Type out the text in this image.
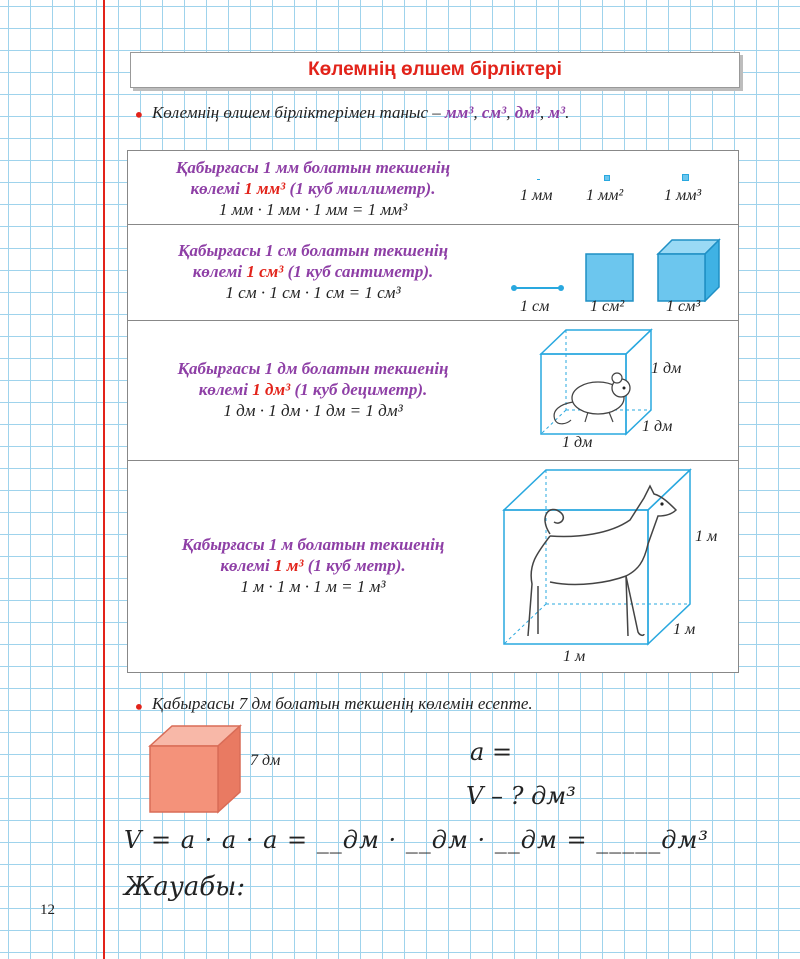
Көлемнің өлшем бірліктері
• Көлемнің өлшем бірліктерімен таныс – мм³, см³, дм³, м³.
Қабырғасы 1 мм болатын текшенің
көлемі 1 мм³ (1 куб миллиметр).
1 мм · 1 мм · 1 мм = 1 мм³
1 мм 1 мм²	1 мм³
Қабырғасы 1 см болатын текшенің
көлемі 1 см³ (1 куб сантиметр).
1 см · 1 см · 1 см = 1 см³
1 см	1 см²	1 см³
Қабырғасы 1 дм болатын текшенің
көлемі 1 дм³ (1 куб дециметр).
1 дм · 1 дм · 1 дм = 1 дм³
1 дм
1 дм
1 дм
Қабырғасы 1 м болатын текшенің
көлемі 1 м³ (1 куб метр).
1 м · 1 м · 1 м = 1 м³
1 м
1 м
1 м
• Қабырғасы 7 дм болатын текшенің көлемін есепте.
7 дм	a =
V – ? дм³
V = a · a · a = __дм · __дм · __дм = _____дм³
Жауабы:
12
